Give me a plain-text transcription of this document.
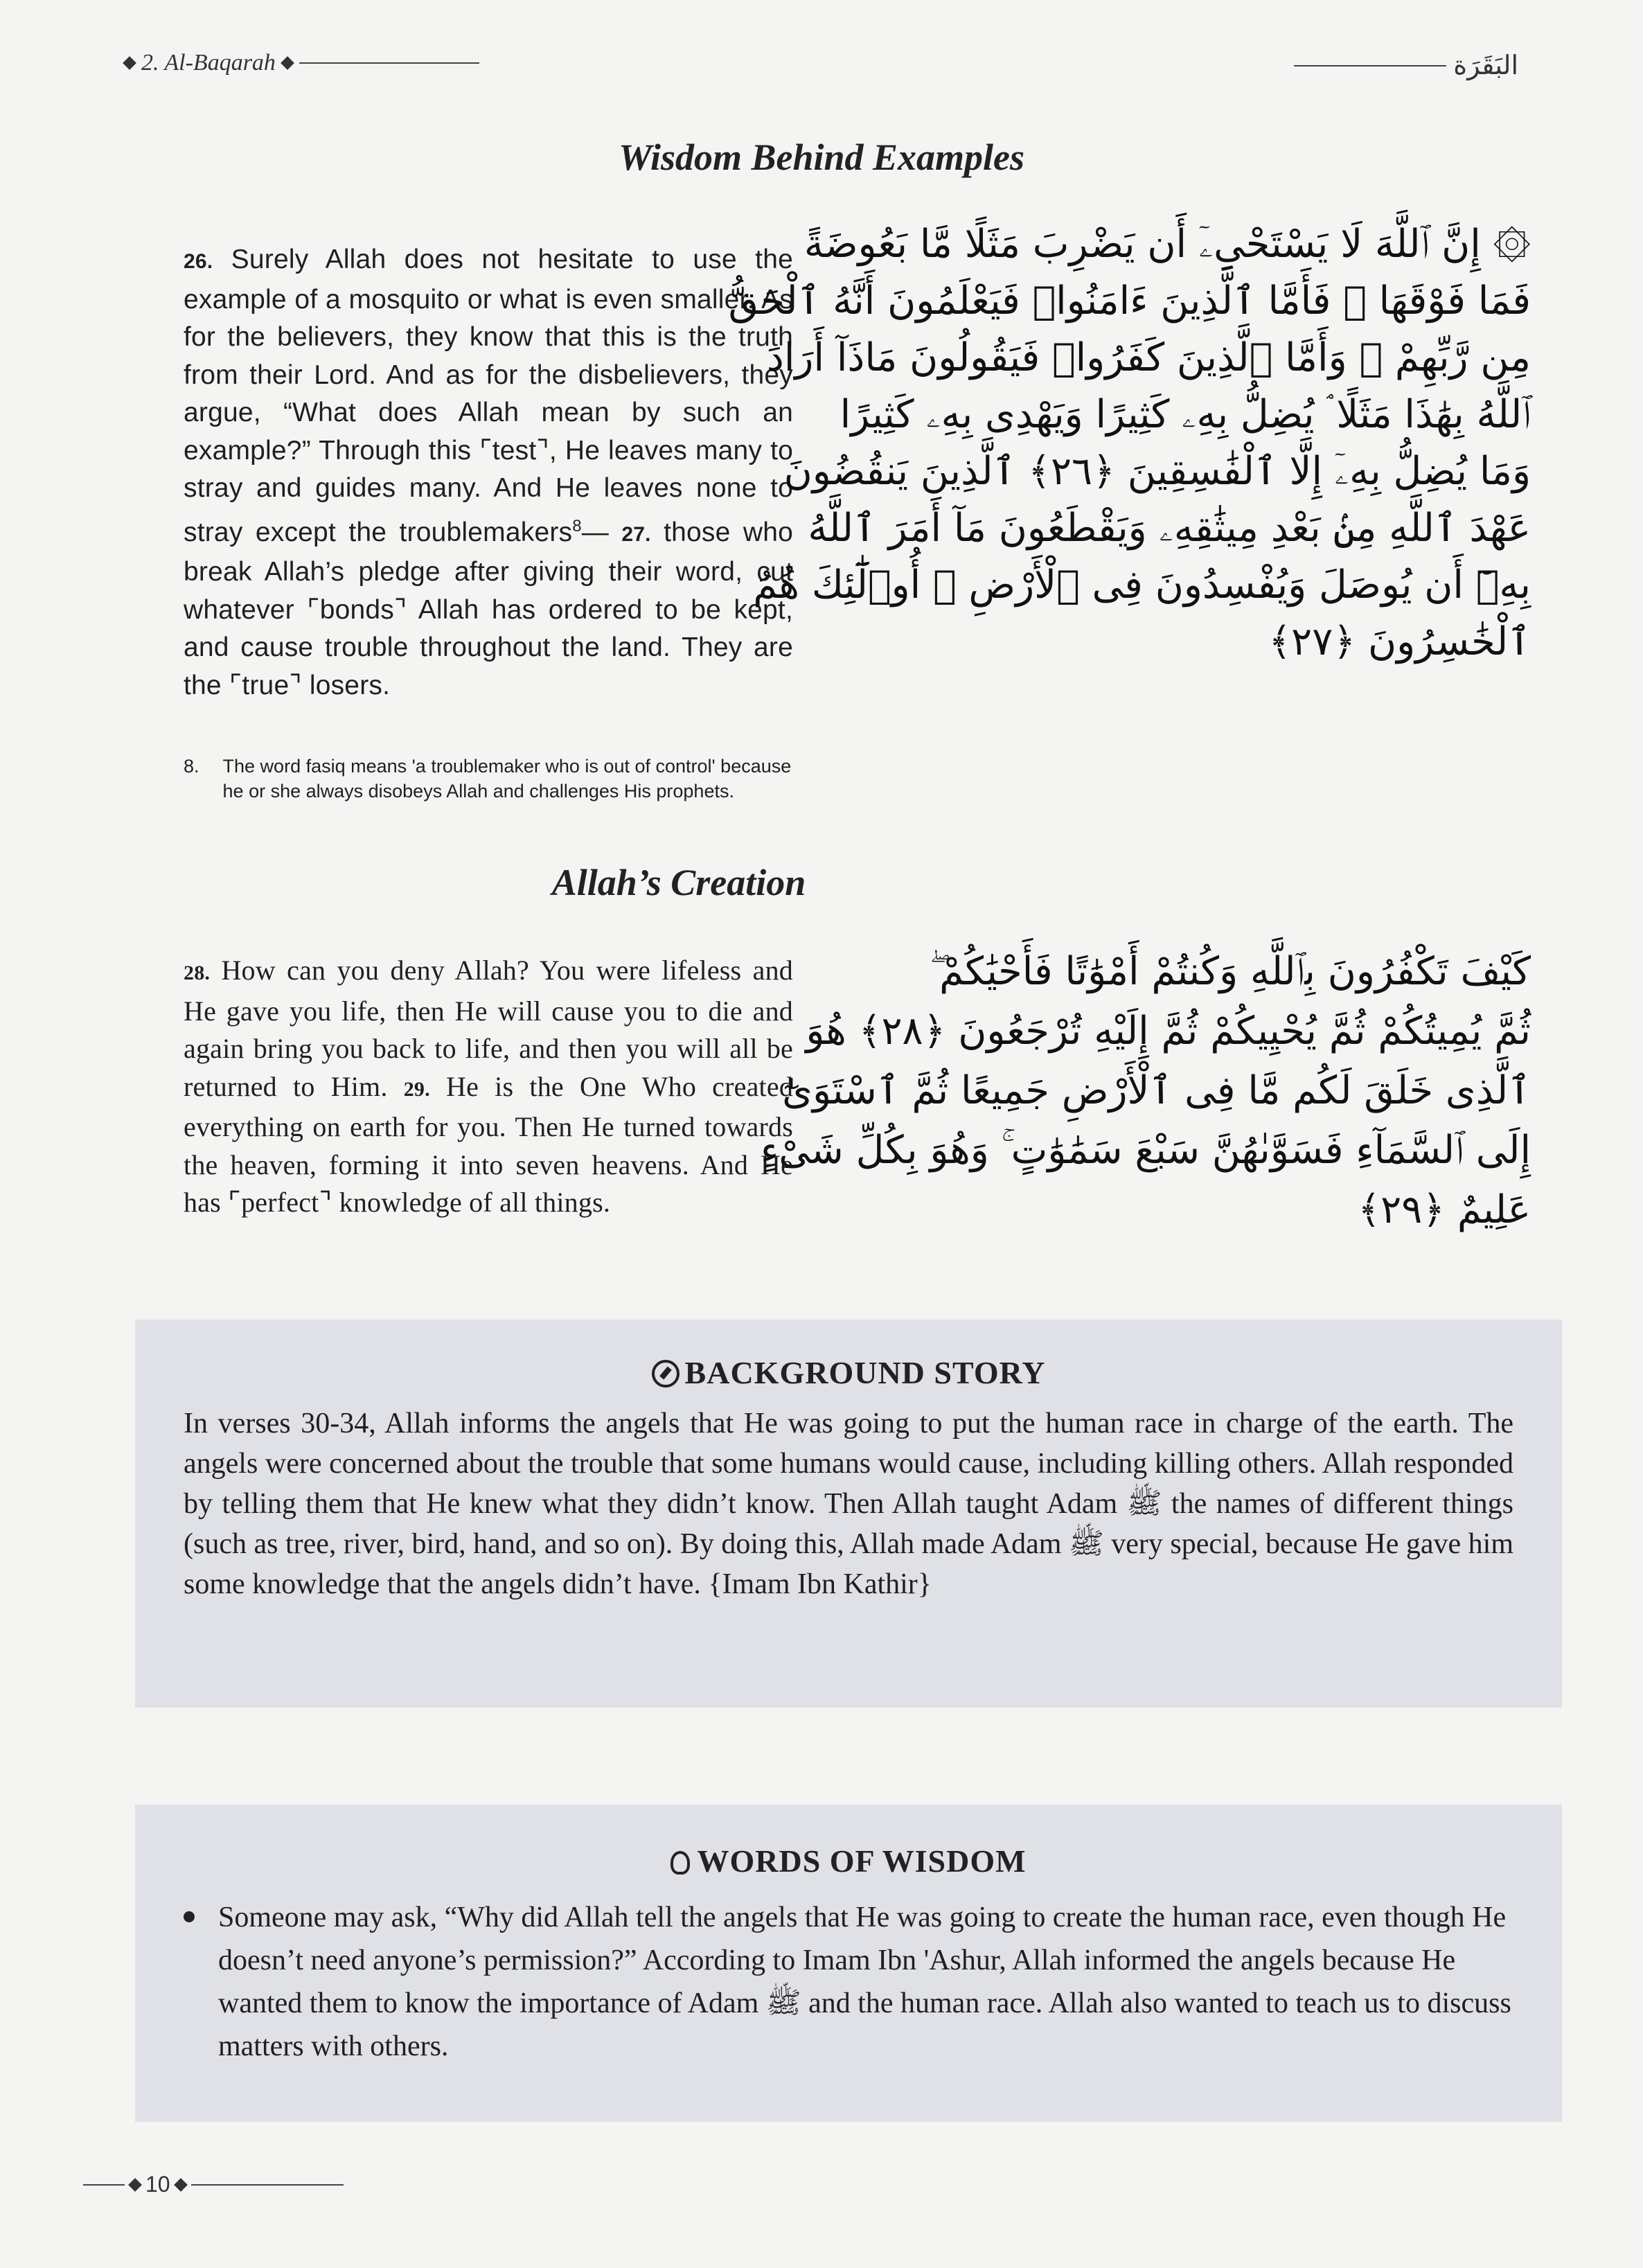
2. Al-Baqarah	البَقَرَة
Wisdom Behind Examples
26. Surely Allah does not hesitate to use the example of a mosquito or what is even smaller. As for the believers, they know that this is the truth from their Lord. And as for the disbelievers, they argue, “What does Allah mean by such an example?” Through this ⌜test⌝, He leaves many to stray and guides many. And He leaves none to stray except the troublemakers$^8$— 27. those who break Allah’s pledge after giving their word, cut whatever ⌜bonds⌝ Allah has ordered to be kept, and cause trouble throughout the land. They are the ⌜true⌝ losers.
8. The word fasiq means 'a troublemaker who is out of control' because he or she always disobeys Allah and challenges His prophets.
۞ إِنَّ ٱللَّهَ لَا يَسْتَحْىِۦٓ أَن يَضْرِبَ مَثَلًا مَّا بَعُوضَةً
فَمَا فَوْقَهَا ۚ فَأَمَّا ٱلَّذِينَ ءَامَنُوا۟ فَيَعْلَمُونَ أَنَّهُ ٱلْحَقُّ
مِن رَّبِّهِمْ ۖ وَأَمَّا ٱلَّذِينَ كَفَرُوا۟ فَيَقُولُونَ مَاذَآ أَرَادَ
ٱللَّهُ بِهَٰذَا مَثَلًا ۘ يُضِلُّ بِهِۦ كَثِيرًا وَيَهْدِى بِهِۦ كَثِيرًا
وَمَا يُضِلُّ بِهِۦٓ إِلَّا ٱلْفَٰسِقِينَ ﴿٢٦﴾ ٱلَّذِينَ يَنقُضُونَ
عَهْدَ ٱللَّهِ مِنۢ بَعْدِ مِيثَٰقِهِۦ وَيَقْطَعُونَ مَآ أَمَرَ ٱللَّهُ
بِهِۦٓ أَن يُوصَلَ وَيُفْسِدُونَ فِى ٱلْأَرْضِ ۚ أُو۟لَٰٓئِكَ هُمُ
ٱلْخَٰسِرُونَ ﴿٢٧﴾
Allah’s Creation
28. How can you deny Allah? You were lifeless and He gave you life, then He will cause you to die and again bring you back to life, and then you will all be returned to Him. 29. He is the One Who created everything on earth for you. Then He turned towards the heaven, forming it into seven heavens. And He has ⌜perfect⌝ knowledge of all things.
كَيْفَ تَكْفُرُونَ بِٱللَّهِ وَكُنتُمْ أَمْوَٰتًا فَأَحْيَٰكُمْ ۖ
ثُمَّ يُمِيتُكُمْ ثُمَّ يُحْيِيكُمْ ثُمَّ إِلَيْهِ تُرْجَعُونَ ﴿٢٨﴾ هُوَ
ٱلَّذِى خَلَقَ لَكُم مَّا فِى ٱلْأَرْضِ جَمِيعًا ثُمَّ ٱسْتَوَىٰٓ
إِلَى ٱلسَّمَآءِ فَسَوَّىٰهُنَّ سَبْعَ سَمَٰوَٰتٍ ۚ وَهُوَ بِكُلِّ شَىْءٍ
عَلِيمٌ ﴿٢٩﴾
BACKGROUND STORY

In verses 30-34, Allah informs the angels that He was going to put the human race in charge of the earth. The angels were concerned about the trouble that some humans would cause, including killing others. Allah responded by telling them that He knew what they didn’t know. Then Allah taught Adam ﷺ the names of different things (such as tree, river, bird, hand, and so on). By doing this, Allah made Adam ﷺ very special, because He gave him some knowledge that the angels didn’t have. {Imam Ibn Kathir}

WORDS OF WISDOM
Someone may ask, “Why did Allah tell the angels that He was going to create the human race, even though He doesn’t need anyone’s permission?” According to Imam Ibn 'Ashur, Allah informed the angels because He wanted them to know the importance of Adam ﷺ and the human race. Allah also wanted to teach us to discuss matters with others.
10
